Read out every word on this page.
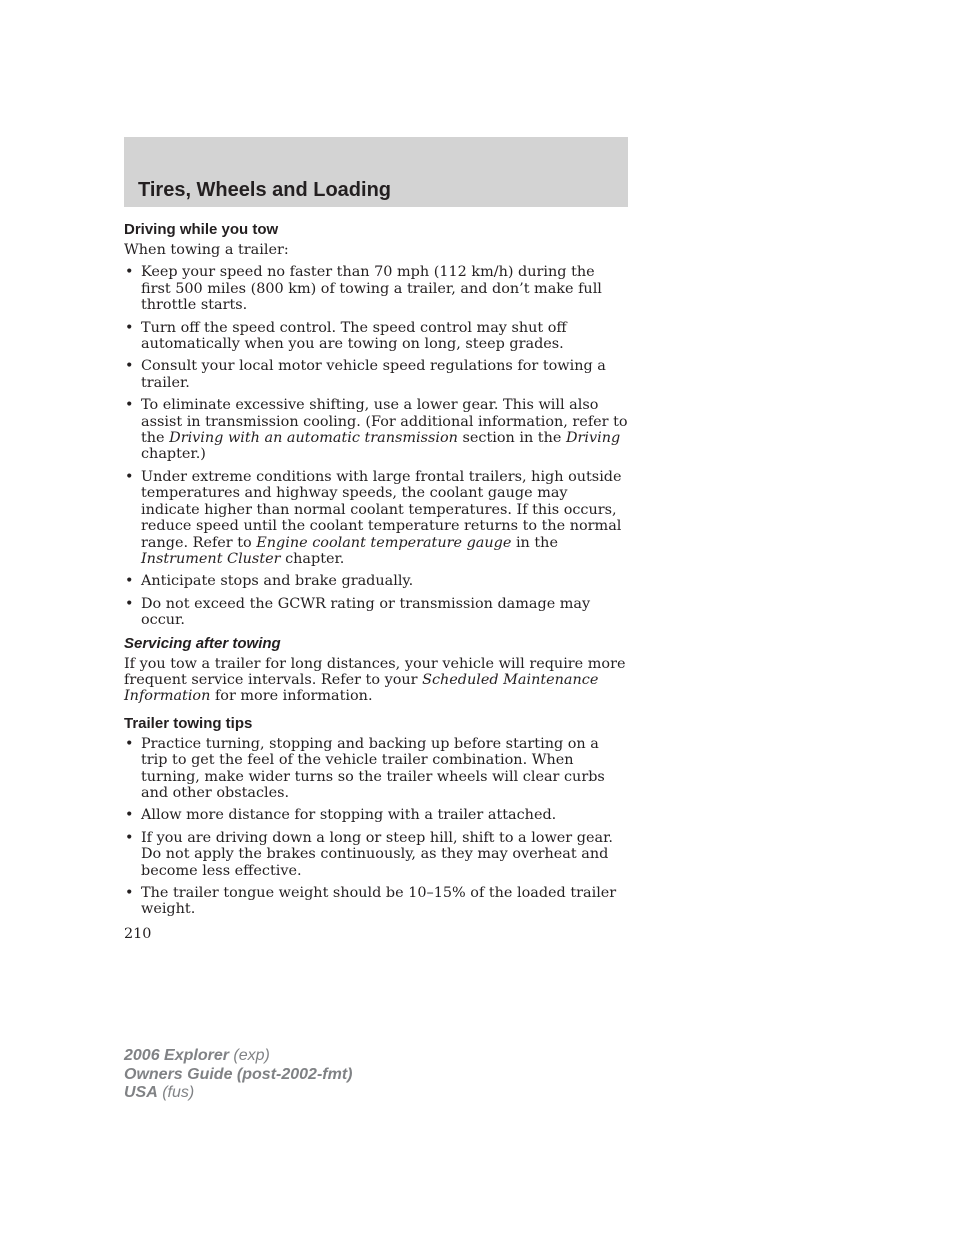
Tires, Wheels and Loading
Driving while you tow

When towing a trailer:

• Keep your speed no faster than 70 mph (112 km/h) during the first 500 miles (800 km) of towing a trailer, and don’t make full throttle starts.
• Turn off the speed control. The speed control may shut off automatically when you are towing on long, steep grades.
• Consult your local motor vehicle speed regulations for towing a trailer.
• To eliminate excessive shifting, use a lower gear. This will also assist in transmission cooling. (For additional information, refer to the Driving with an automatic transmission section in the Driving chapter.)
• Under extreme conditions with large frontal trailers, high outside temperatures and highway speeds, the coolant gauge may indicate higher than normal coolant temperatures. If this occurs, reduce speed until the coolant temperature returns to the normal range. Refer to Engine coolant temperature gauge in the Instrument Cluster chapter.
• Anticipate stops and brake gradually.
• Do not exceed the GCWR rating or transmission damage may occur.
Servicing after towing

If you tow a trailer for long distances, your vehicle will require more frequent service intervals. Refer to your Scheduled Maintenance Information for more information.

Trailer towing tips
• Practice turning, stopping and backing up before starting on a trip to get the feel of the vehicle trailer combination. When turning, make wider turns so the trailer wheels will clear curbs and other obstacles.
• Allow more distance for stopping with a trailer attached.
• If you are driving down a long or steep hill, shift to a lower gear. Do not apply the brakes continuously, as they may overheat and become less effective.
• The trailer tongue weight should be 10–15% of the loaded trailer weight.
210
2006 Explorer (exp)
Owners Guide (post-2002-fmt)
USA (fus)
